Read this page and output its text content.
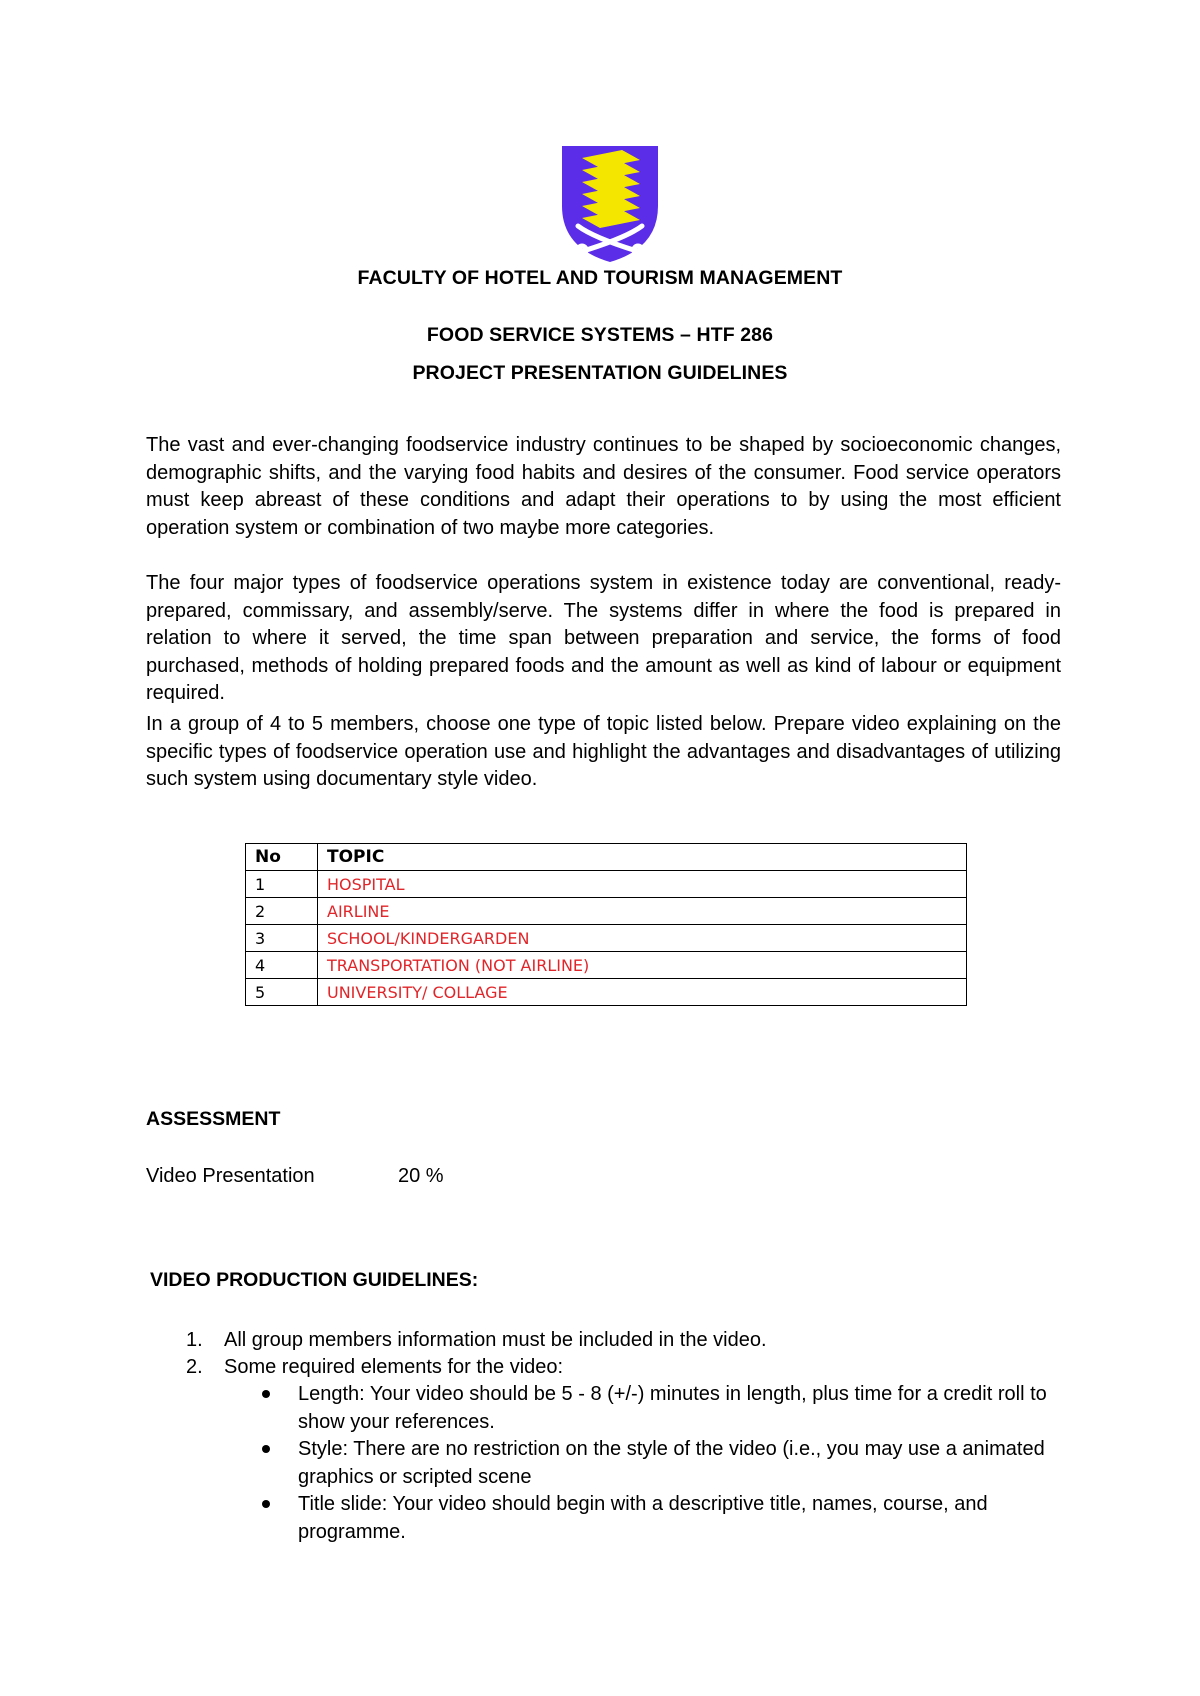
FACULTY OF HOTEL AND TOURISM MANAGEMENT
FOOD SERVICE SYSTEMS – HTF 286
PROJECT PRESENTATION GUIDELINES

The vast and ever-changing foodservice industry continues to be shaped by socioeconomic changes, demographic shifts, and the varying food habits and desires of the consumer. Food service operators must keep abreast of these conditions and adapt their operations to by using the most efficient operation system or combination of two maybe more categories.

The four major types of foodservice operations system in existence today are conventional, ready- prepared, commissary, and assembly/serve. The systems differ in where the food is prepared in relation to where it served, the time span between preparation and service, the forms of food purchased, methods of holding prepared foods and the amount as well as kind of labour or equipment required.

In a group of 4 to 5 members, choose one type of topic listed below. Prepare video explaining on the specific types of foodservice operation use and highlight the advantages and disadvantages of utilizing such system using documentary style video.

No	TOPIC
1	HOSPITAL
2	AIRLINE
3	SCHOOL/KINDERGARDEN
4	TRANSPORTATION (NOT AIRLINE)
5	UNIVERSITY/ COLLAGE
ASSESSMENT
Video Presentation	20 %
VIDEO PRODUCTION GUIDELINES:
1. All group members information must be included in the video.
2. Some required elements for the video:
Length: Your video should be 5 - 8 (+/-) minutes in length, plus time for a credit roll to show your references.
Style: There are no restriction on the style of the video (i.e., you may use a animated graphics or scripted scene
Title slide: Your video should begin with a descriptive title, names, course, and programme.
